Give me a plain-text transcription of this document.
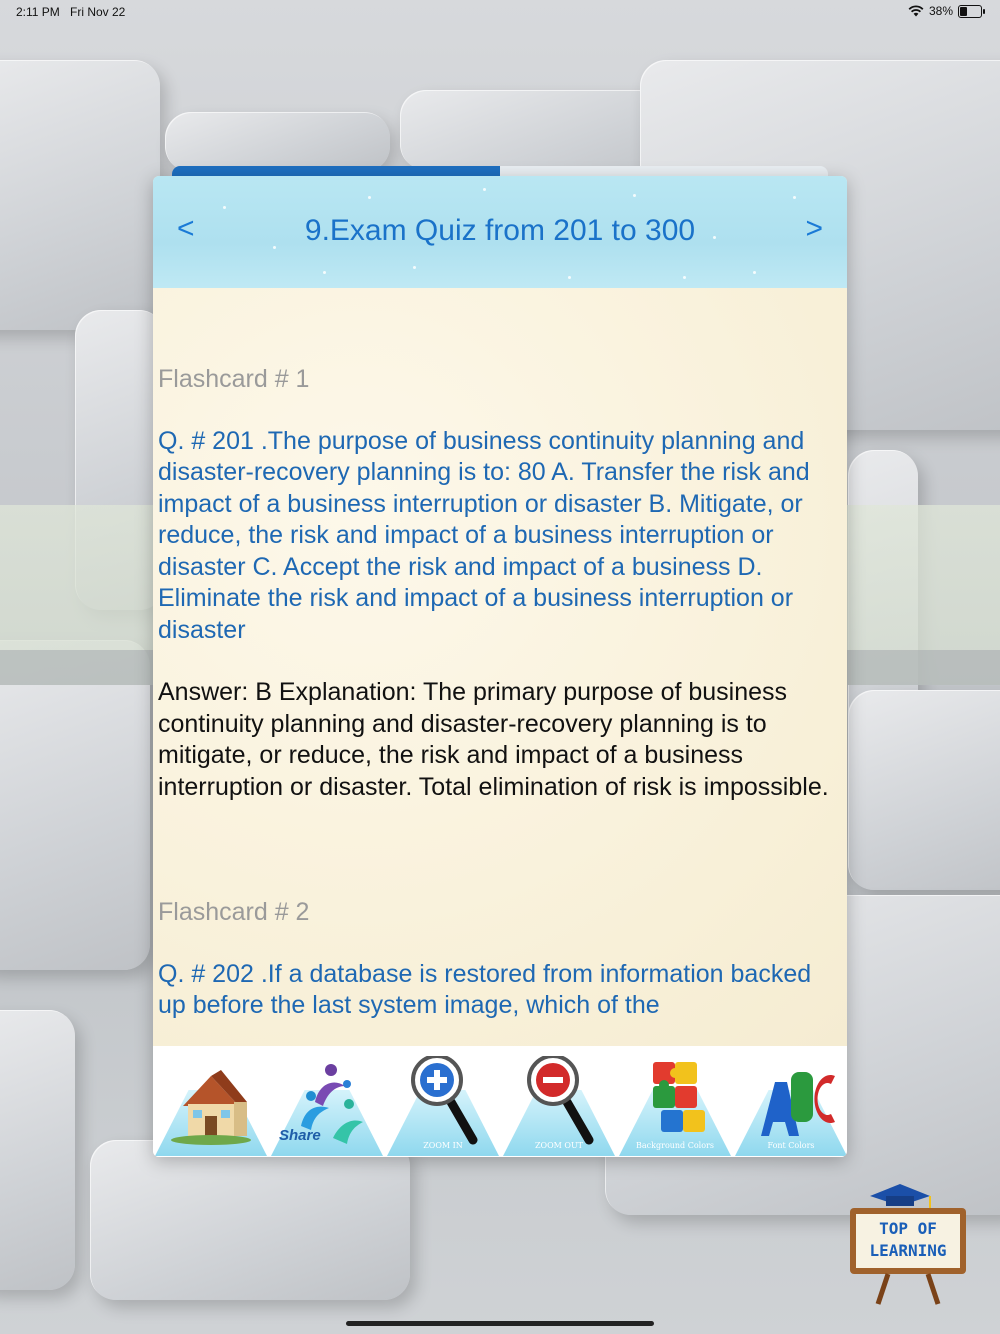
2:11 PM Fri Nov 22	38%
<	9.Exam Quiz from 201 to 300	>
Flashcard # 1
Q. # 201 .The purpose of business continuity planning and disaster-recovery planning is to: 80 A. Transfer the risk and impact of a business interruption or disaster B. Mitigate, or reduce, the risk and impact of a business interruption or disaster C. Accept the risk and impact of a business D. Eliminate the risk and impact of a business interruption or disaster
Answer: B Explanation: The primary purpose of business continuity planning and disaster-recovery planning is to mitigate, or reduce, the risk and impact of a business interruption or disaster. Total elimination of risk is impossible.
Flashcard # 2
Q. # 202 .If a database is restored from information backed up before the last system image, which of the
Share
ZOOM IN	ZOOM OUT	Background Colors	Font Colors
TOP OF
LEARNING
